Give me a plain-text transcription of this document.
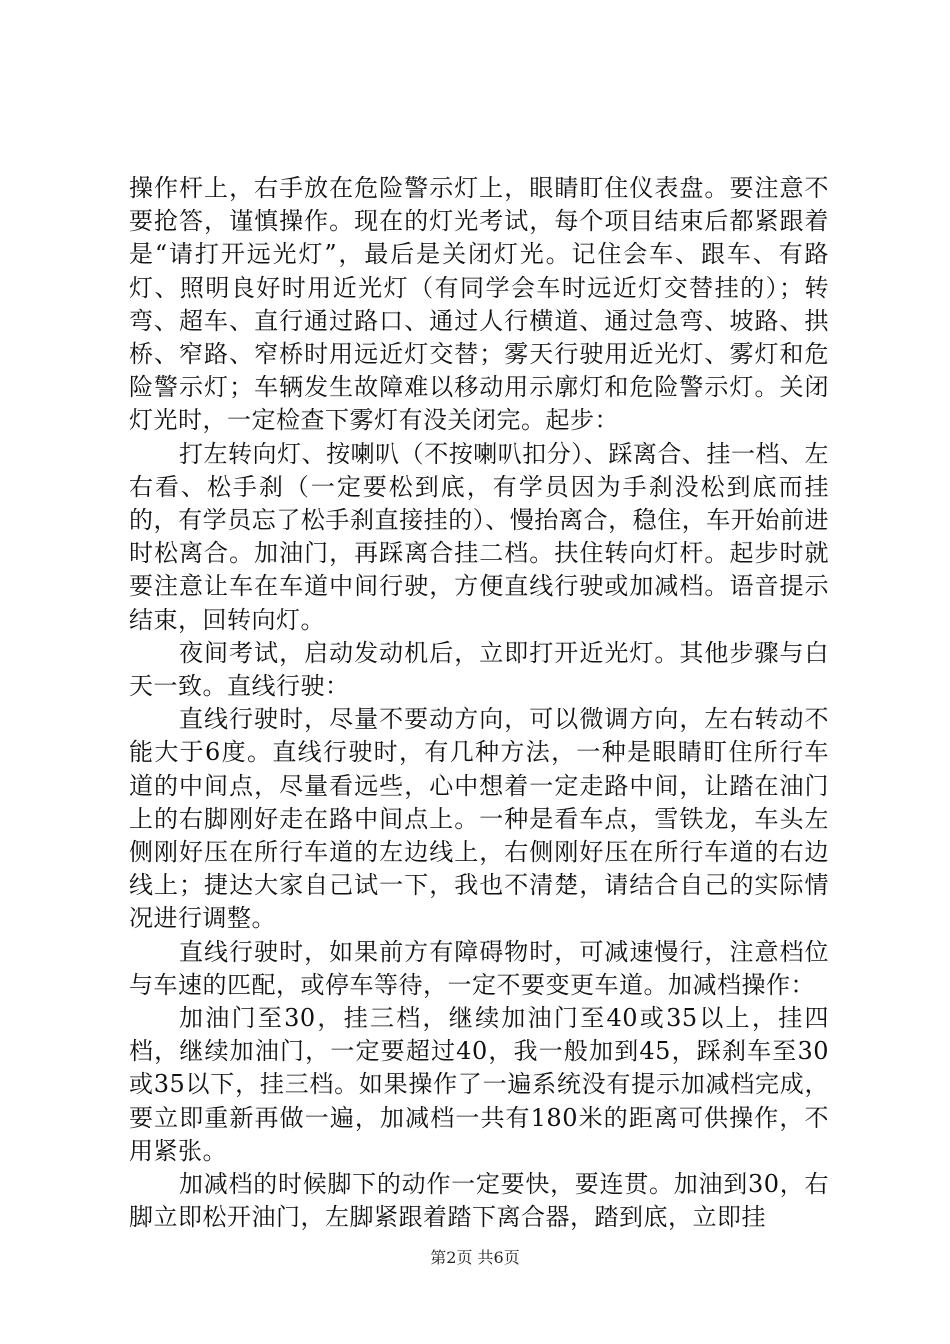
操作杆上，右手放在危险警示灯上，眼睛盯住仪表盘。要注意不要抢答，谨慎操作。现在的灯光考试，每个项目结束后都紧跟着是“请打开远光灯”，最后是关闭灯光。记住会车、跟车、有路灯、照明良好时用近光灯（有同学会车时远近灯交替挂的）；转弯、超车、直行通过路口、通过人行横道、通过急弯、坡路、拱桥、窄路、窄桥时用远近灯交替；雾天行驶用近光灯、雾灯和危险警示灯；车辆发生故障难以移动用示廓灯和危险警示灯。关闭灯光时，一定检查下雾灯有没关闭完。起步：

打左转向灯、按喇叭（不按喇叭扣分）、踩离合、挂一档、左右看、松手刹（一定要松到底，有学员因为手刹没松到底而挂的，有学员忘了松手刹直接挂的）、慢抬离合，稳住，车开始前进时松离合。加油门，再踩离合挂二档。扶住转向灯杆。起步时就要注意让车在车道中间行驶，方便直线行驶或加减档。语音提示结束，回转向灯。

夜间考试，启动发动机后，立即打开近光灯。其他步骤与白天一致。直线行驶：

直线行驶时，尽量不要动方向，可以微调方向，左右转动不能大于6度。直线行驶时，有几种方法，一种是眼睛盯住所行车道的中间点，尽量看远些，心中想着一定走路中间，让踏在油门上的右脚刚好走在路中间点上。一种是看车点，雪铁龙，车头左侧刚好压在所行车道的左边线上，右侧刚好压在所行车道的右边线上；捷达大家自己试一下，我也不清楚，请结合自己的实际情况进行调整。

直线行驶时，如果前方有障碍物时，可减速慢行，注意档位与车速的匹配，或停车等待，一定不要变更车道。加减档操作：

加油门至30，挂三档，继续加油门至40或35以上，挂四档，继续加油门，一定要超过40，我一般加到45，踩刹车至30或35以下，挂三档。如果操作了一遍系统没有提示加减档完成，要立即重新再做一遍，加减档一共有180米的距离可供操作，不用紧张。

加减档的时候脚下的动作一定要快，要连贯。加油到30，右脚立即松开油门，左脚紧跟着踏下离合器，踏到底，立即挂

第2页 共6页
